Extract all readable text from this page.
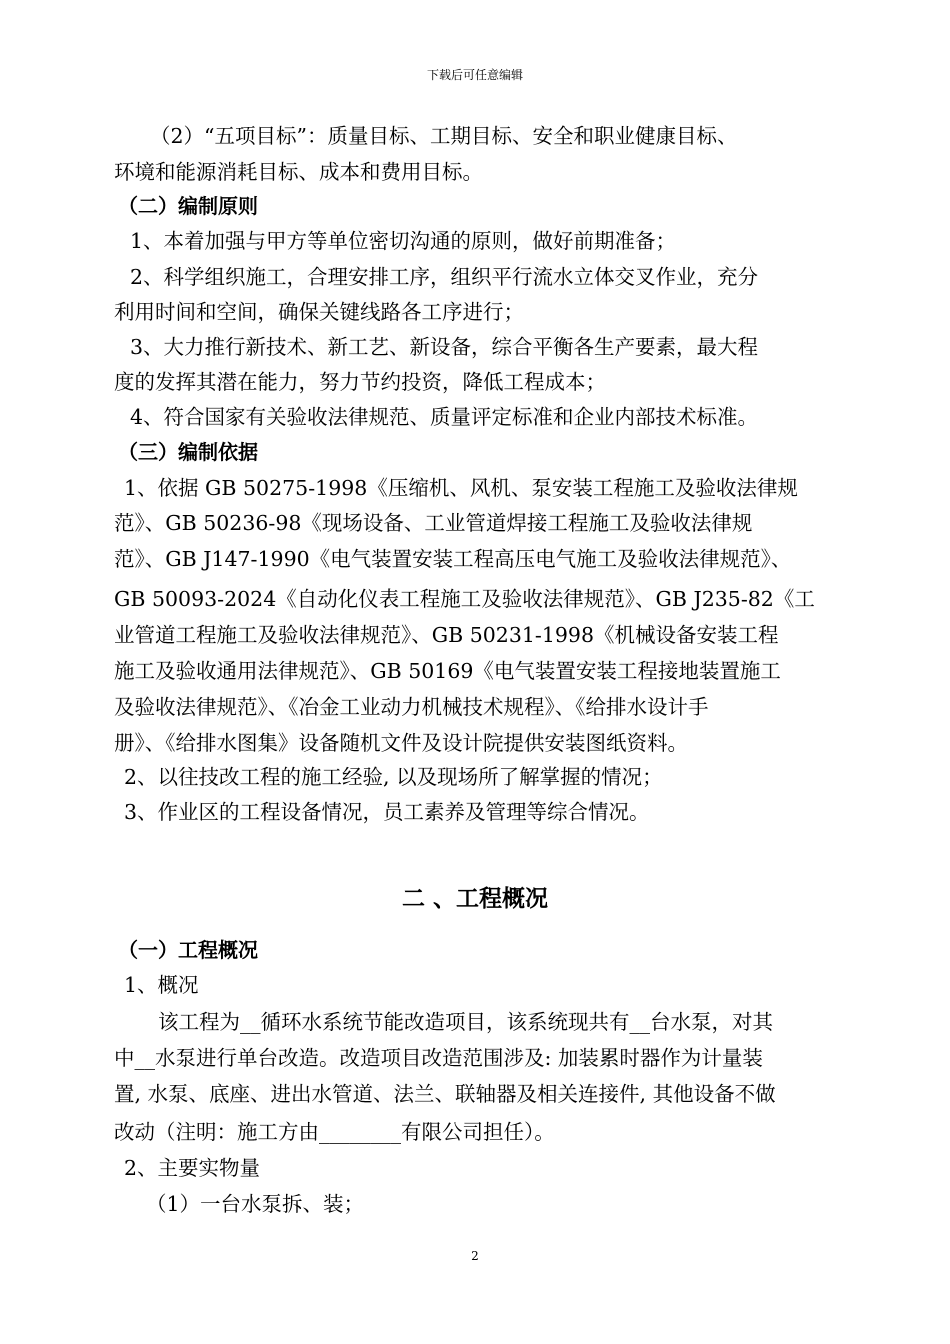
下载后可任意编辑
（2）“五项目标”：质量目标、工期目标、安全和职业健康目标、
环境和能源消耗目标、成本和费用目标。
（二）编制原则
1、本着加强与甲方等单位密切沟通的原则，做好前期准备；
2、科学组织施工，合理安排工序，组织平行流水立体交叉作业，充分
利用时间和空间，确保关键线路各工序进行；
3、大力推行新技术、新工艺、新设备，综合平衡各生产要素，最大程
度的发挥其潜在能力，努力节约投资，降低工程成本；
4、符合国家有关验收法律规范、质量评定标准和企业内部技术标准。
（三）编制依据
1、依据 GB 50275-1998《压缩机、风机、泵安装工程施工及验收法律规
范》、GB 50236-98《现场设备、工业管道焊接工程施工及验收法律规
范》、GB J147-1990《电气装置安装工程高压电气施工及验收法律规范》、
GB 50093-2024《自动化仪表工程施工及验收法律规范》、GB J235-82《工
业管道工程施工及验收法律规范》、GB 50231-1998《机械设备安装工程
施工及验收通用法律规范》、GB 50169《电气装置安装工程接地装置施工
及验收法律规范》、《冶金工业动力机械技术规程》、《给排水设计手
册》、《给排水图集》设备随机文件及设计院提供安装图纸资料。
2、以往技改工程的施工经验, 以及现场所了解掌握的情况；
3、作业区的工程设备情况，员工素养及管理等综合情况。
二 、工程概况
（一）工程概况
1、概况
该工程为__循环水系统节能改造项目，该系统现共有__台水泵，对其
中__水泵进行单台改造。改造项目改造范围涉及: 加装累时器作为计量装
置, 水泵、底座、进出水管道、法兰、联轴器及相关连接件, 其他设备不做
改动（注明：施工方由________有限公司担任）。
2、主要实物量
（1）一台水泵拆、装；
2
